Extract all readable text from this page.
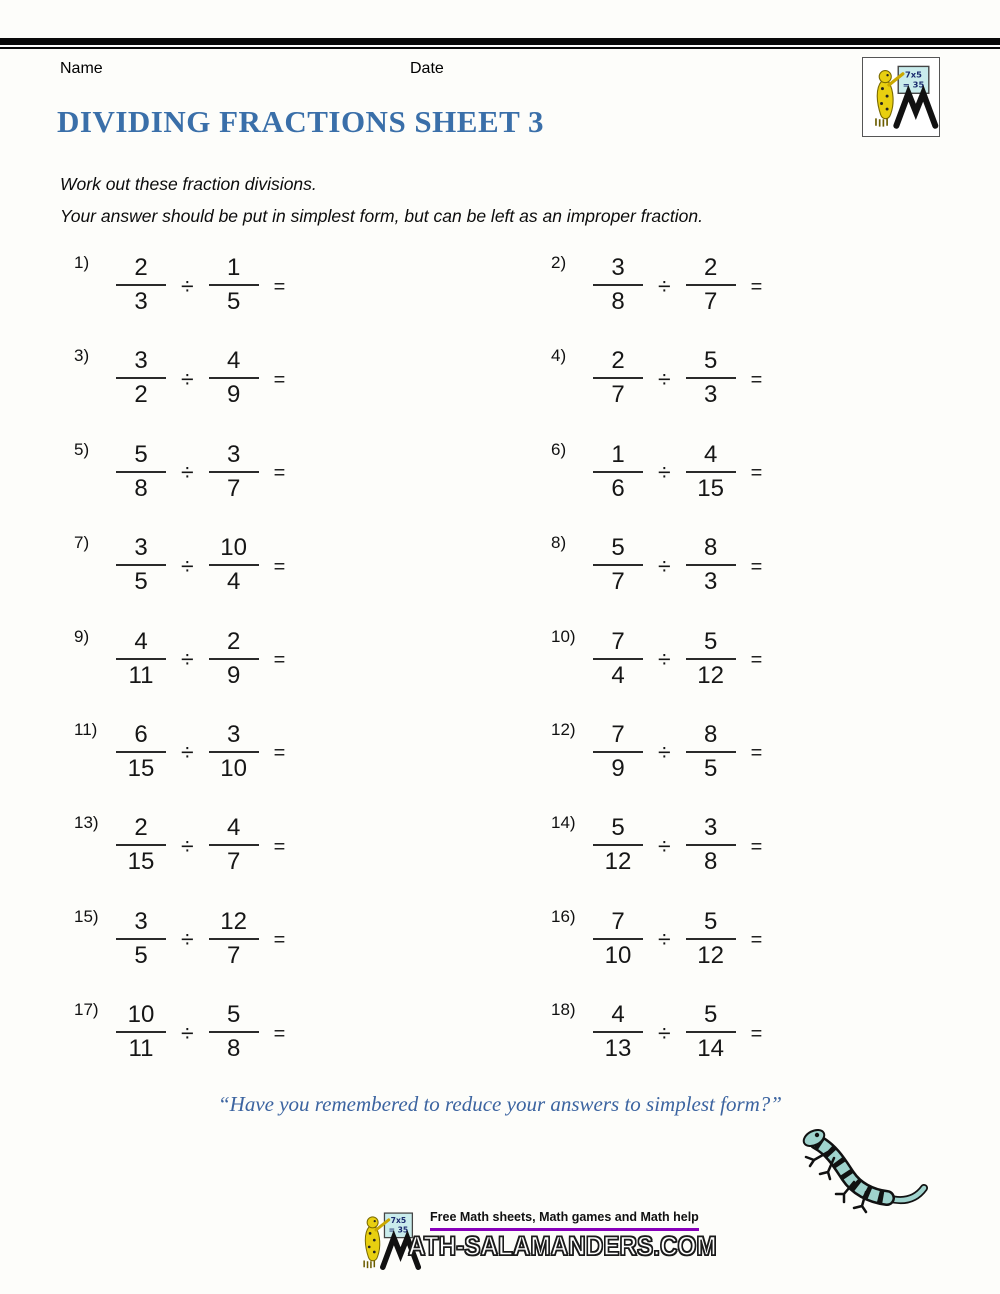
Name	Date
DIVIDING FRACTIONS SHEET 3
Work out these fraction divisions.
Your answer should be put in simplest form, but can be left as an improper fraction.
1)	$\frac{2}{3} \div \frac{1}{5}$ =
2)	$\frac{3}{8} \div \frac{2}{7}$ =
3)	$\frac{3}{2} \div \frac{4}{9}$ =
4)	$\frac{2}{7} \div \frac{5}{3}$ =
5)	$\frac{5}{8} \div \frac{3}{7}$ =
6)	$\frac{1}{6} \div \frac{4}{15}$ =
7)	$\frac{3}{5} \div \frac{10}{4}$ =
8)	$\frac{5}{7} \div \frac{8}{3}$ =
9)	$\frac{4}{11} \div \frac{2}{9}$ =
$10) \frac{7}{4} \div \frac{5}{12}$ =
$11) \frac{6}{15} \div \frac{3}{10}$ =
$12) \frac{7}{9} \div \frac{8}{5}$ =
$13) \frac{2}{15} \div \frac{4}{7}$ =
$14) \frac{5}{12} \div \frac{3}{8}$ =
$15) \frac{3}{5} \div \frac{12}{7}$ =
$16) \frac{7}{10} \div \frac{5}{12}$ =
$17) \frac{10}{11} \div \frac{5}{8}$ =
$18) \frac{4}{13} \div \frac{5}{14}$ =
“Have you remembered to reduce your answers to simplest form?”
Free Math sheets, Math games and Math help
ATH-SALAMANDERS.COM
